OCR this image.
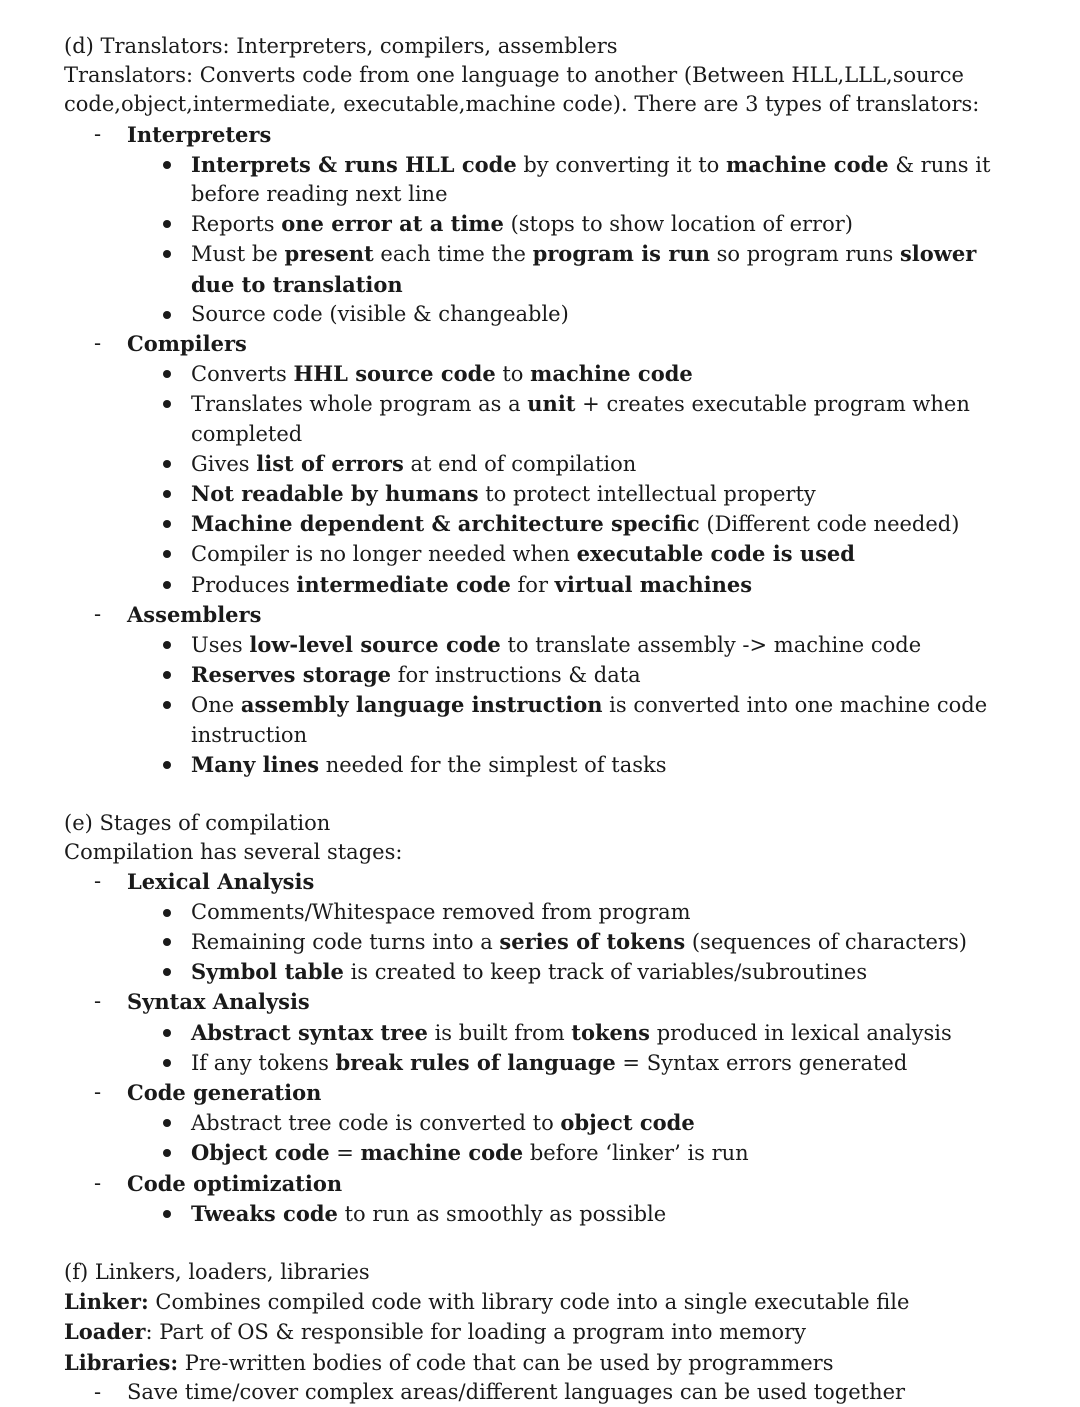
(d) Translators: Interpreters, compilers, assemblers
Translators: Converts code from one language to another (Between HLL,LLL,source
code,object,intermediate, executable,machine code). There are 3 types of translators:
- Interpreters
Interprets & runs HLL code by converting it to machine code & runs it before reading next line
Reports one error at a time (stops to show location of error)
Must be present each time the program is run so program runs slower due to translation
Source code (visible & changeable)
- Compilers
Converts HHL source code to machine code
Translates whole program as a unit + creates executable program when completed
Gives list of errors at end of compilation
Not readable by humans to protect intellectual property
Machine dependent & architecture specific (Different code needed)
Compiler is no longer needed when executable code is used
Produces intermediate code for virtual machines
- Assemblers
Uses low-level source code to translate assembly -> machine code
Reserves storage for instructions & data
One assembly language instruction is converted into one machine code instruction
Many lines needed for the simplest of tasks
(e) Stages of compilation
Compilation has several stages:
- Lexical Analysis
Comments/Whitespace removed from program
Remaining code turns into a series of tokens (sequences of characters)
Symbol table is created to keep track of variables/subroutines
- Syntax Analysis
Abstract syntax tree is built from tokens produced in lexical analysis
If any tokens break rules of language = Syntax errors generated
- Code generation
Abstract tree code is converted to object code
Object code = machine code before ‘linker’ is run
- Code optimization
Tweaks code to run as smoothly as possible
(f) Linkers, loaders, libraries
Linker: Combines compiled code with library code into a single executable file
Loader: Part of OS & responsible for loading a program into memory
Libraries: Pre-written bodies of code that can be used by programmers
- Save time/cover complex areas/different languages can be used together
